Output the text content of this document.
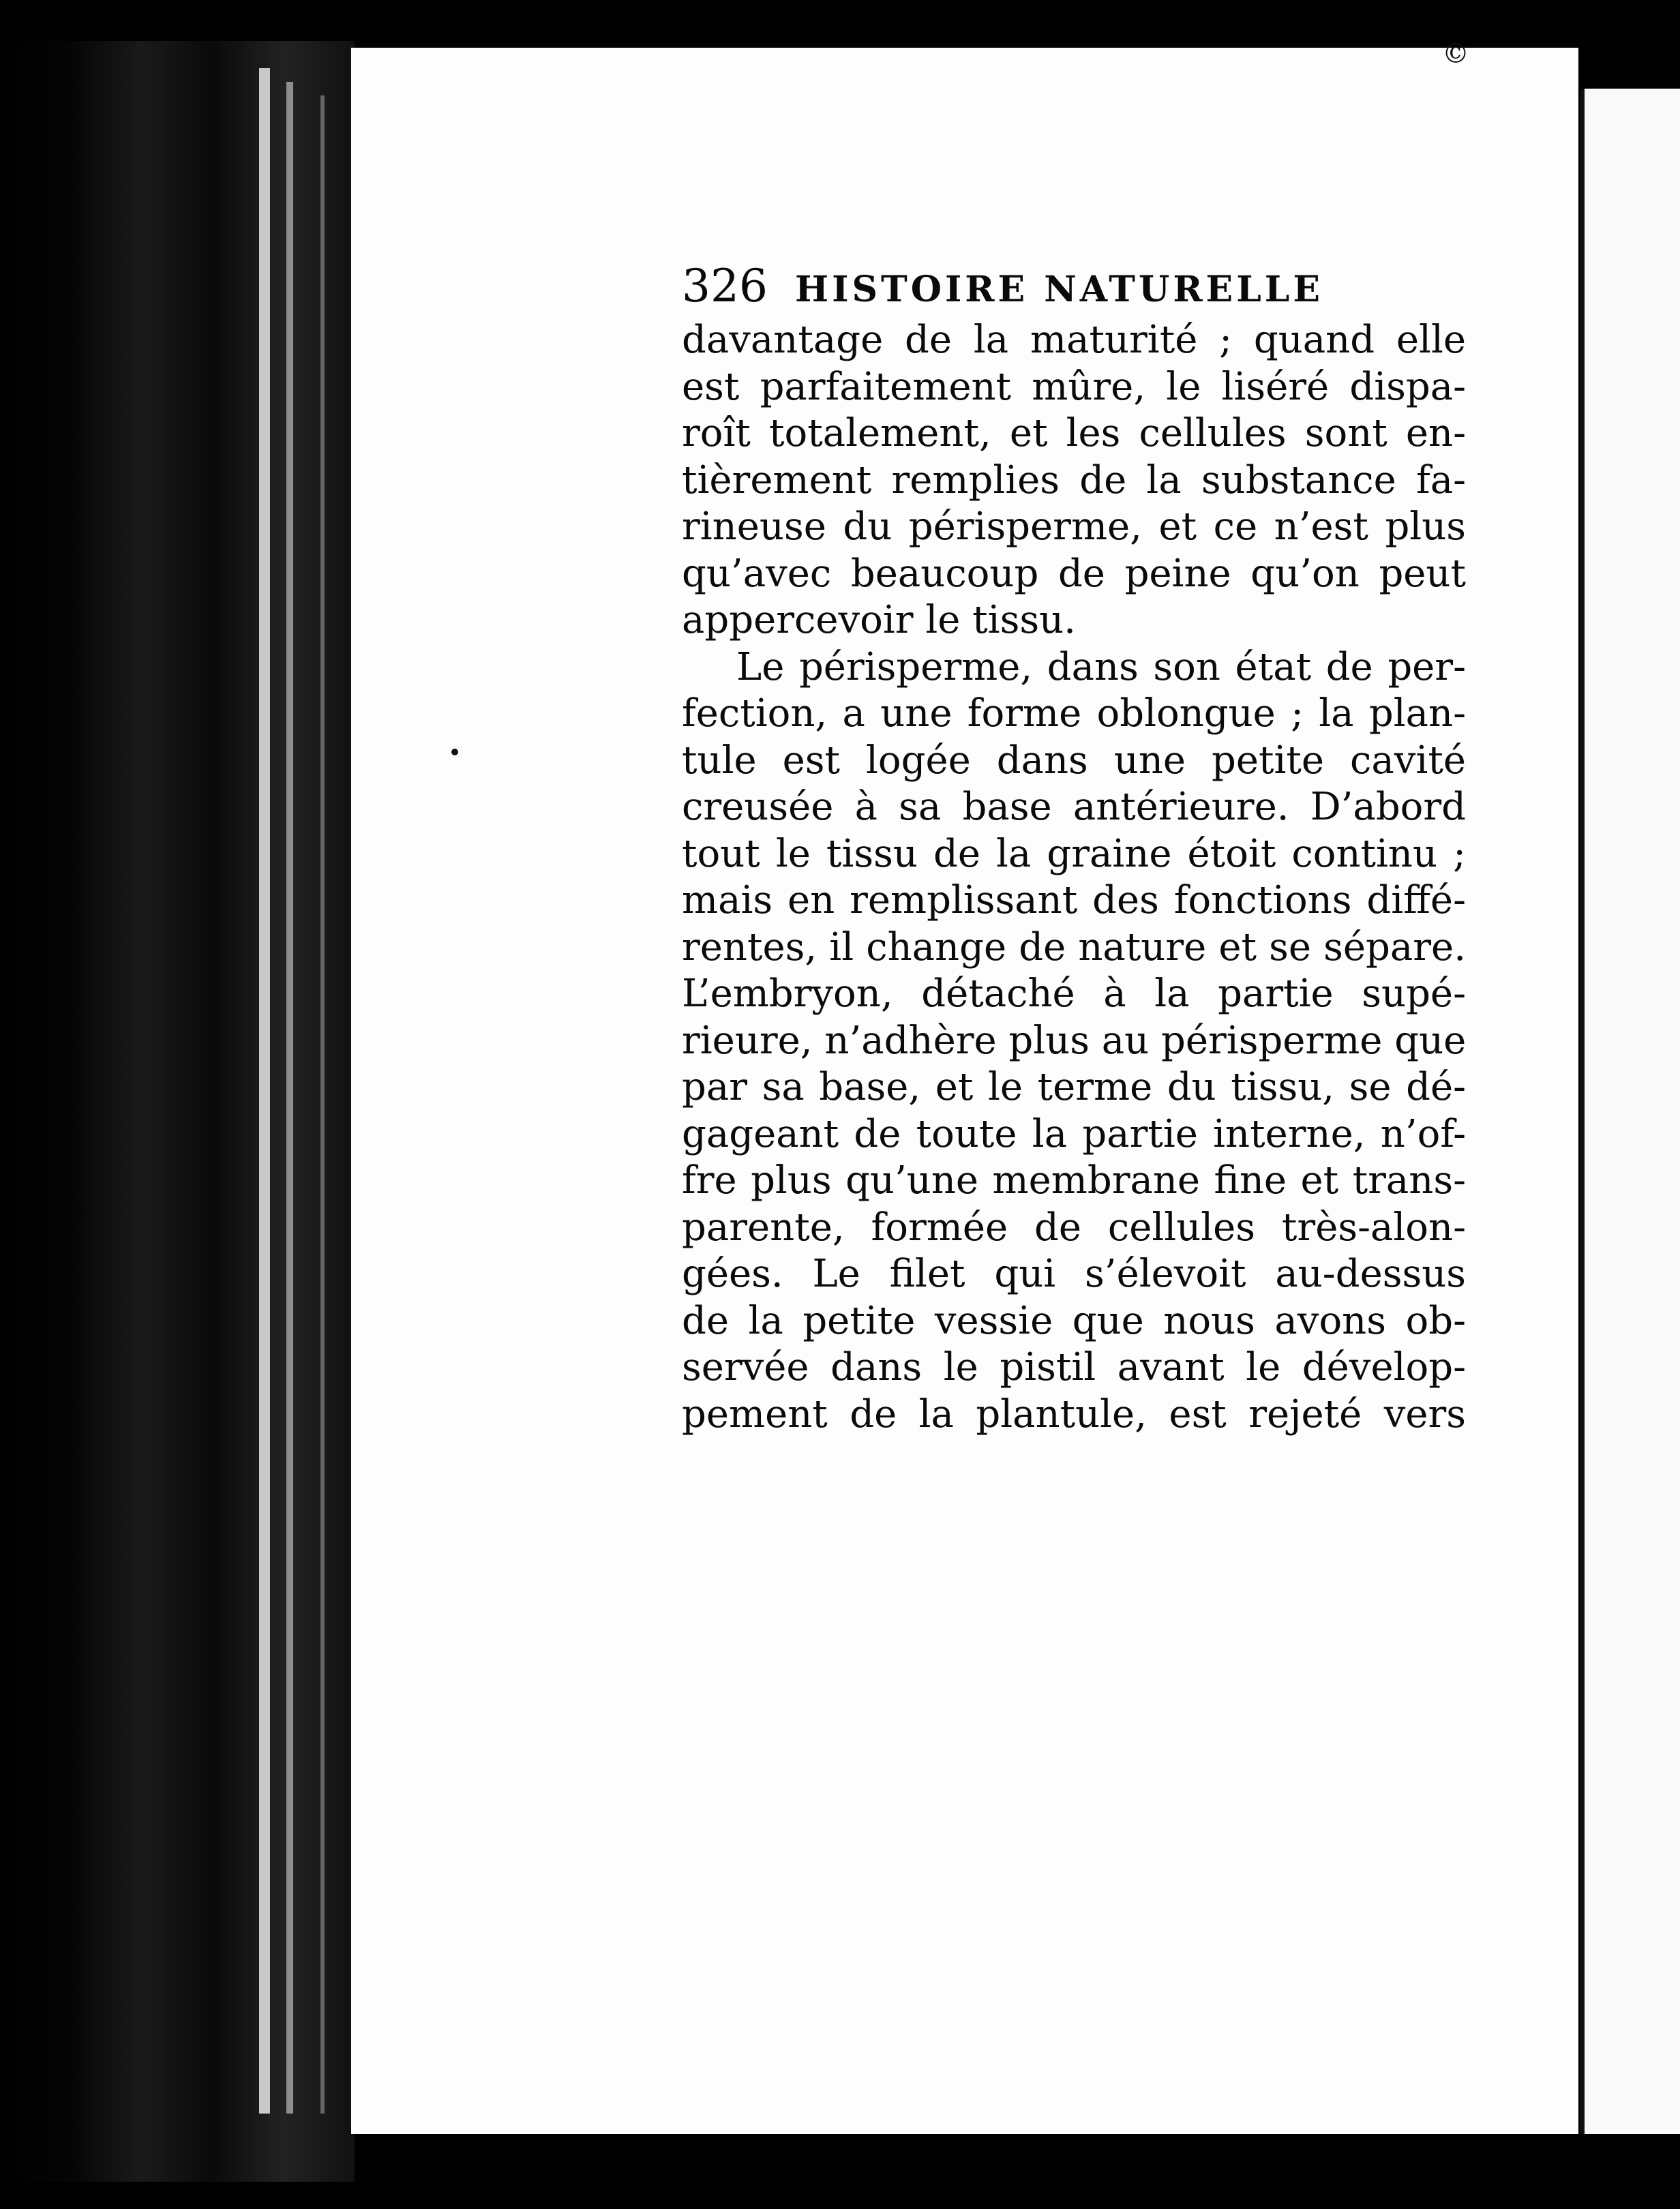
©
326 HISTOIRE NATURELLE
davantage de la maturité ; quand elle
est parfaitement mûre, le liséré dispa-
roît totalement, et les cellules sont en-
tièrement remplies de la substance fa-
rineuse du périsperme, et ce n’est plus
qu’avec beaucoup de peine qu’on peut
appercevoir le tissu.
Le périsperme, dans son état de per-
fection, a une forme oblongue ; la plan-
tule est logée dans une petite cavité
creusée à sa base antérieure. D’abord
tout le tissu de la graine étoit continu ;
mais en remplissant des fonctions diffé-
rentes, il change de nature et se sépare.
L’embryon, détaché à la partie supé-
rieure, n’adhère plus au périsperme que
par sa base, et le terme du tissu, se dé-
gageant de toute la partie interne, n’of-
fre plus qu’une membrane fine et trans-
parente, formée de cellules très-alon-
gées. Le filet qui s’élevoit au-dessus
de la petite vessie que nous avons ob-
servée dans le pistil avant le dévelop-
pement de la plantule, est rejeté vers
